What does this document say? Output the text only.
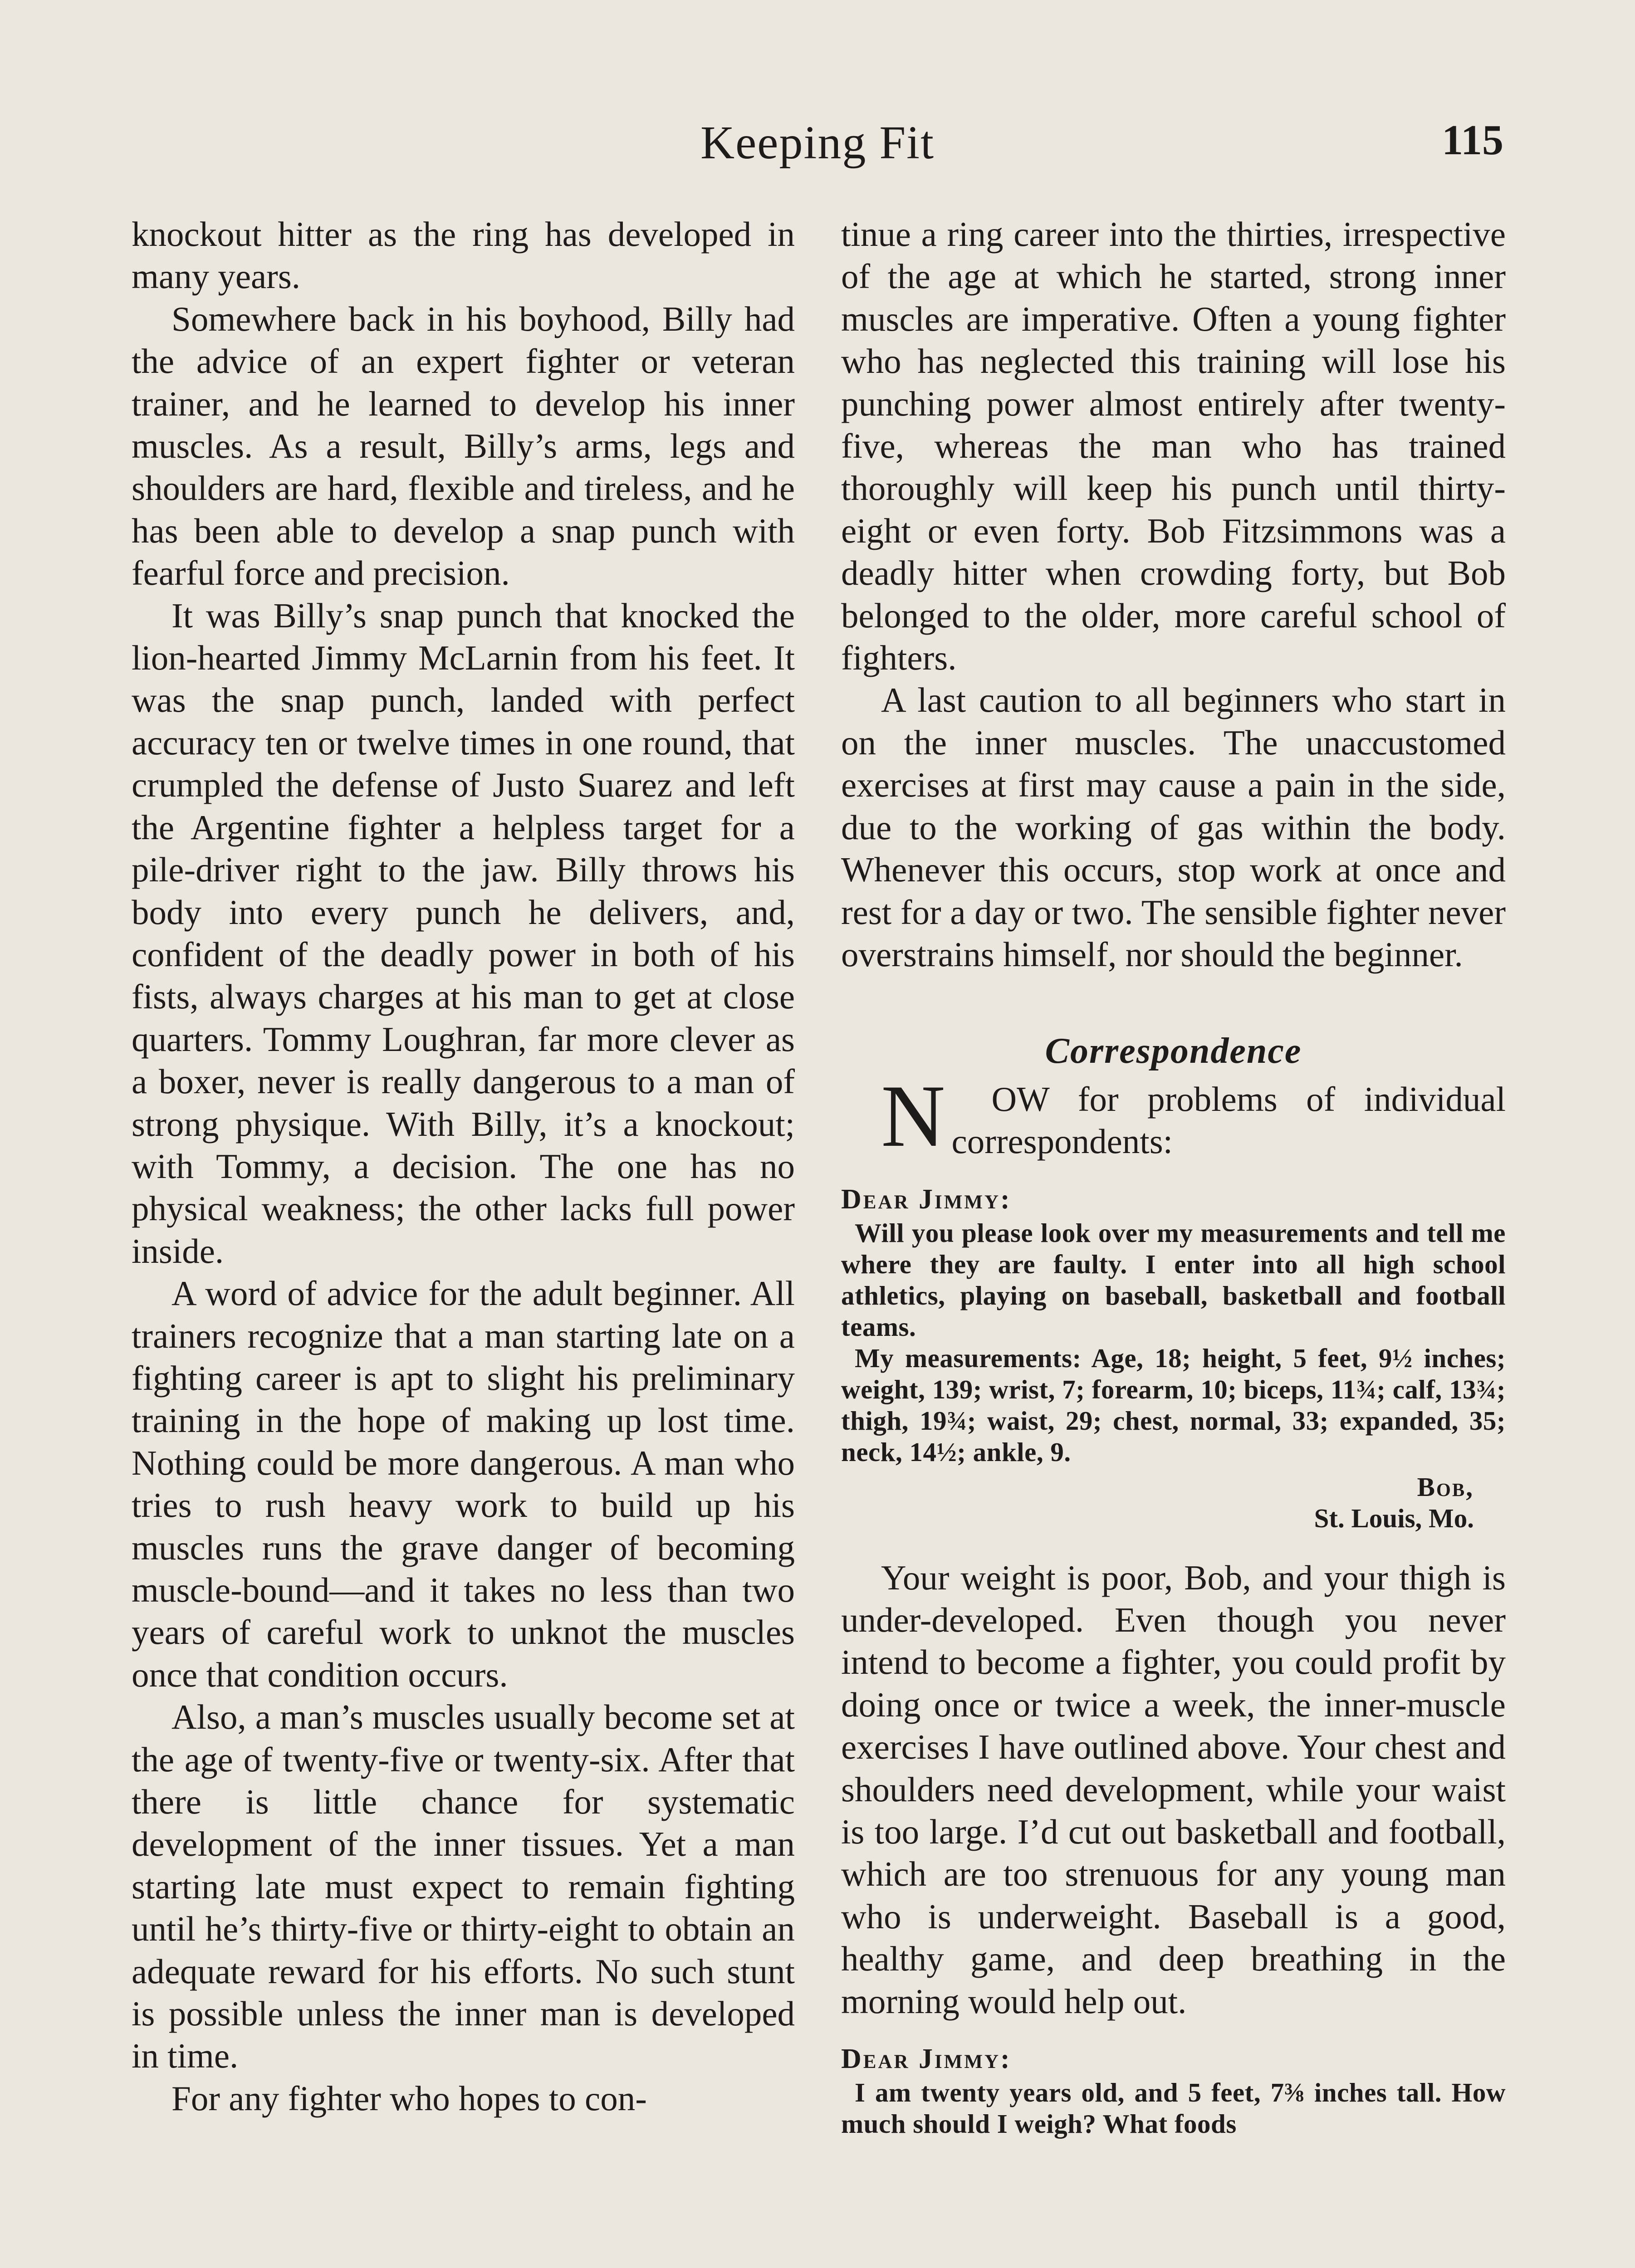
Keeping Fit	115

knockout hitter as the ring has developed in many years.

Somewhere back in his boyhood, Billy had the advice of an expert fighter or veteran trainer, and he learned to develop his inner muscles. As a result, Billy’s arms, legs and shoulders are hard, flexible and tireless, and he has been able to develop a snap punch with fearful force and precision.

It was Billy’s snap punch that knocked the lion-hearted Jimmy McLarnin from his feet. It was the snap punch, landed with perfect accuracy ten or twelve times in one round, that crumpled the defense of Justo Suarez and left the Argentine fighter a helpless target for a pile-driver right to the jaw. Billy throws his body into every punch he delivers, and, confident of the deadly power in both of his fists, always charges at his man to get at close quarters. Tommy Loughran, far more clever as a boxer, never is really dangerous to a man of strong physique. With Billy, it’s a knockout; with Tommy, a decision. The one has no physical weakness; the other lacks full power inside.

A word of advice for the adult beginner. All trainers recognize that a man starting late on a fighting career is apt to slight his preliminary training in the hope of making up lost time. Nothing could be more dangerous. A man who tries to rush heavy work to build up his muscles runs the grave danger of becoming muscle-bound—and it takes no less than two years of careful work to unknot the muscles once that condition occurs.

Also, a man’s muscles usually become set at the age of twenty-five or twenty-six. After that there is little chance for systematic development of the inner tissues. Yet a man starting late must expect to remain fighting until he’s thirty-five or thirty-eight to obtain an adequate reward for his efforts. No such stunt is possible unless the inner man is developed in time.

For any fighter who hopes to con-

tinue a ring career into the thirties, irrespective of the age at which he started, strong inner muscles are imperative. Often a young fighter who has neglected this training will lose his punching power almost entirely after twenty-five, whereas the man who has trained thoroughly will keep his punch until thirty-eight or even forty. Bob Fitzsimmons was a deadly hitter when crowding forty, but Bob belonged to the older, more careful school of fighters.

A last caution to all beginners who start in on the inner muscles. The unaccustomed exercises at first may cause a pain in the side, due to the working of gas within the body. Whenever this occurs, stop work at once and rest for a day or two. The sensible fighter never overstrains himself, nor should the beginner.

Correspondence

N OW for problems of individual correspondents:

Dear Jimmy:

Will you please look over my measurements and tell me where they are faulty. I enter into all high school athletics, playing on baseball, basketball and football teams.

My measurements: Age, 18; height, 5 feet, 9½ inches; weight, 139; wrist, 7; forearm, 10; biceps, 11¾; calf, 13¾; thigh, 19¾; waist, 29; chest, normal, 33; expanded, 35; neck, 14½; ankle, 9.

Bob,
St. Louis, Mo.

Your weight is poor, Bob, and your thigh is under-developed. Even though you never intend to become a fighter, you could profit by doing once or twice a week, the inner-muscle exercises I have outlined above. Your chest and shoulders need development, while your waist is too large. I’d cut out basketball and football, which are too strenuous for any young man who is underweight. Baseball is a good, healthy game, and deep breathing in the morning would help out.

Dear Jimmy:

I am twenty years old, and 5 feet, 7⅜ inches tall. How much should I weigh? What foods
